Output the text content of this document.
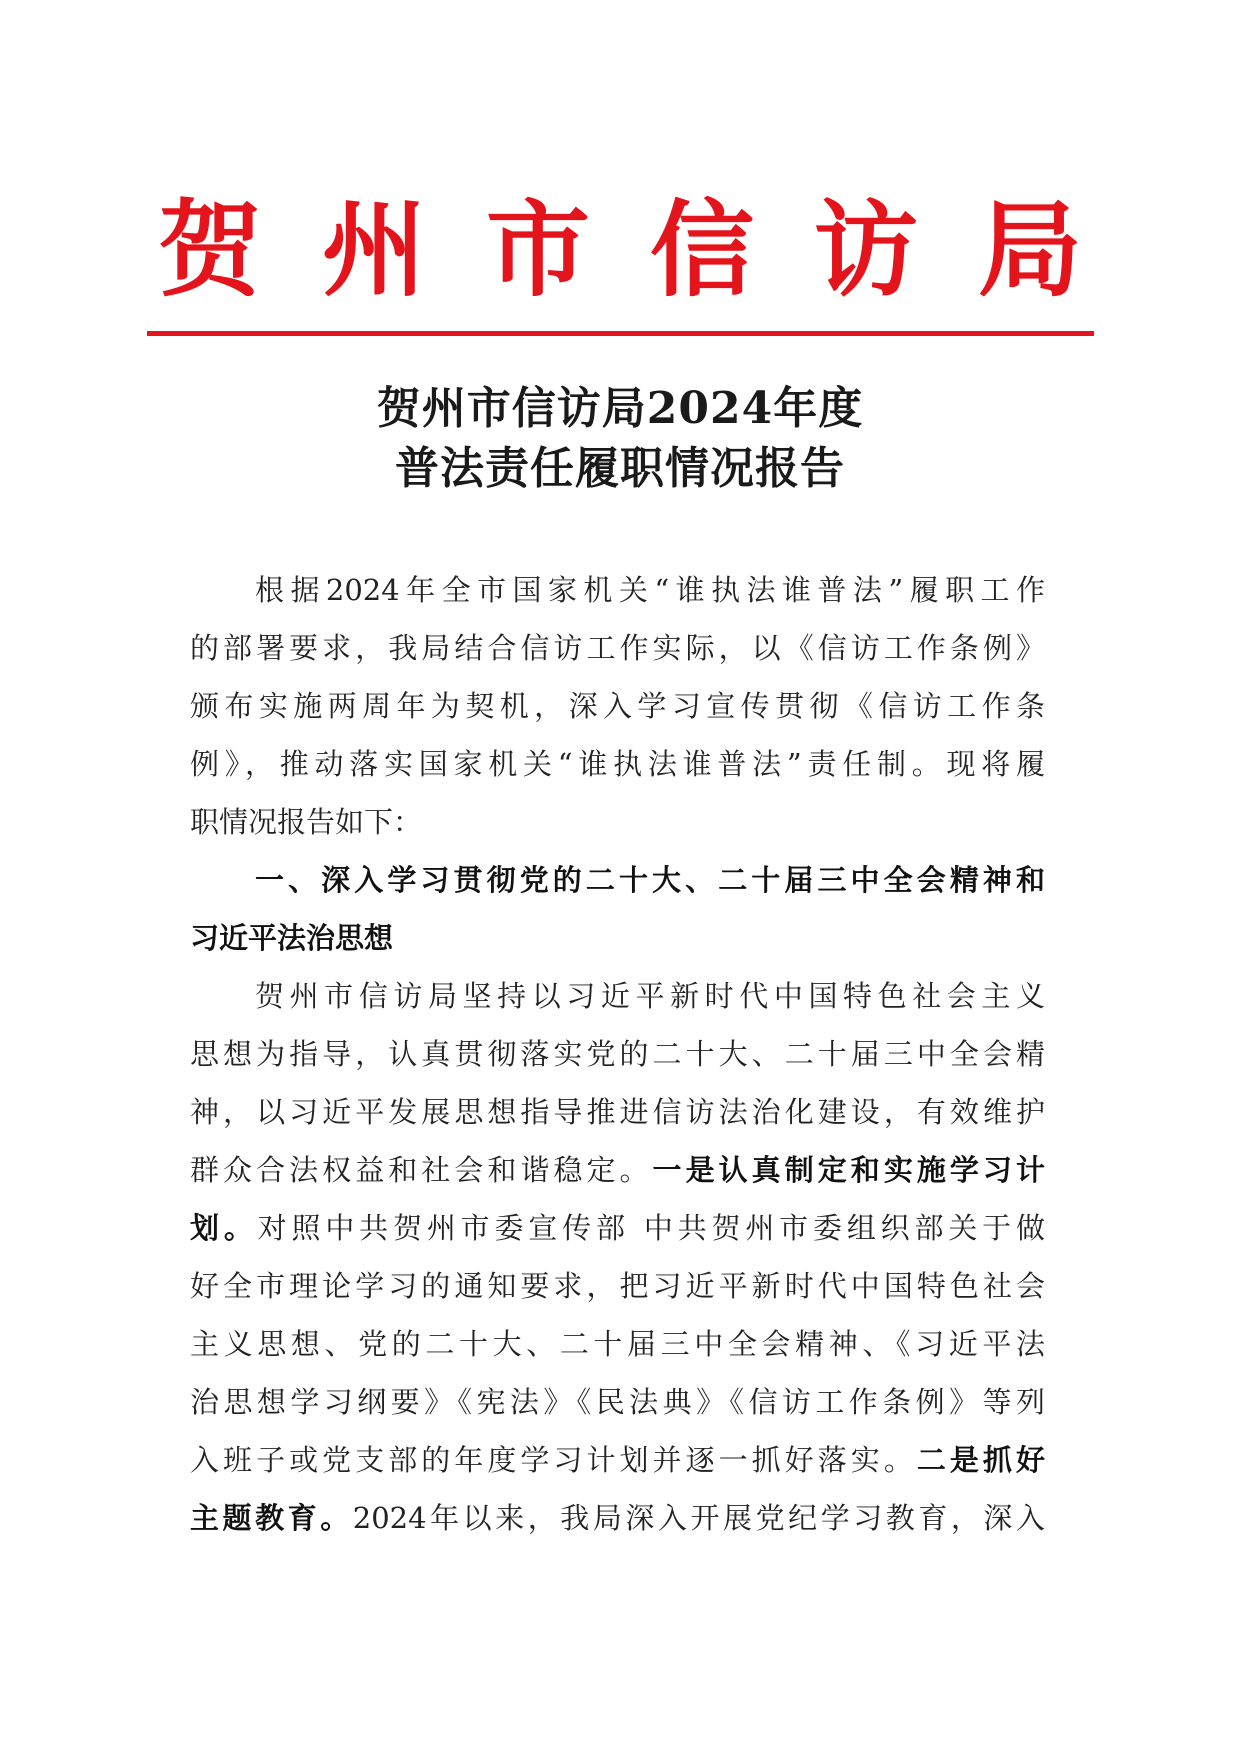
贺 州 市 信 访 局
贺州市信访局2024年度
普法责任履职情况报告
根据2024年全市国家机关“谁执法谁普法”履职工作
的部署要求，我局结合信访工作实际，以《信访工作条例》
颁布实施两周年为契机，深入学习宣传贯彻《信访工作条
例》，推动落实国家机关“谁执法谁普法”责任制。现将履
职情况报告如下：
一、深入学习贯彻党的二十大、二十届三中全会精神和
习近平法治思想
贺州市信访局坚持以习近平新时代中国特色社会主义
思想为指导，认真贯彻落实党的二十大、二十届三中全会精
神，以习近平发展思想指导推进信访法治化建设，有效维护
群众合法权益和社会和谐稳定。一是认真制定和实施学习计
划。对照中共贺州市委宣传部 中共贺州市委组织部关于做
好全市理论学习的通知要求，把习近平新时代中国特色社会
主义思想、党的二十大、二十届三中全会精神、《习近平法
治思想学习纲要》《宪法》《民法典》《信访工作条例》等列
入班子或党支部的年度学习计划并逐一抓好落实。二是抓好
主题教育。2024年以来，我局深入开展党纪学习教育，深入
